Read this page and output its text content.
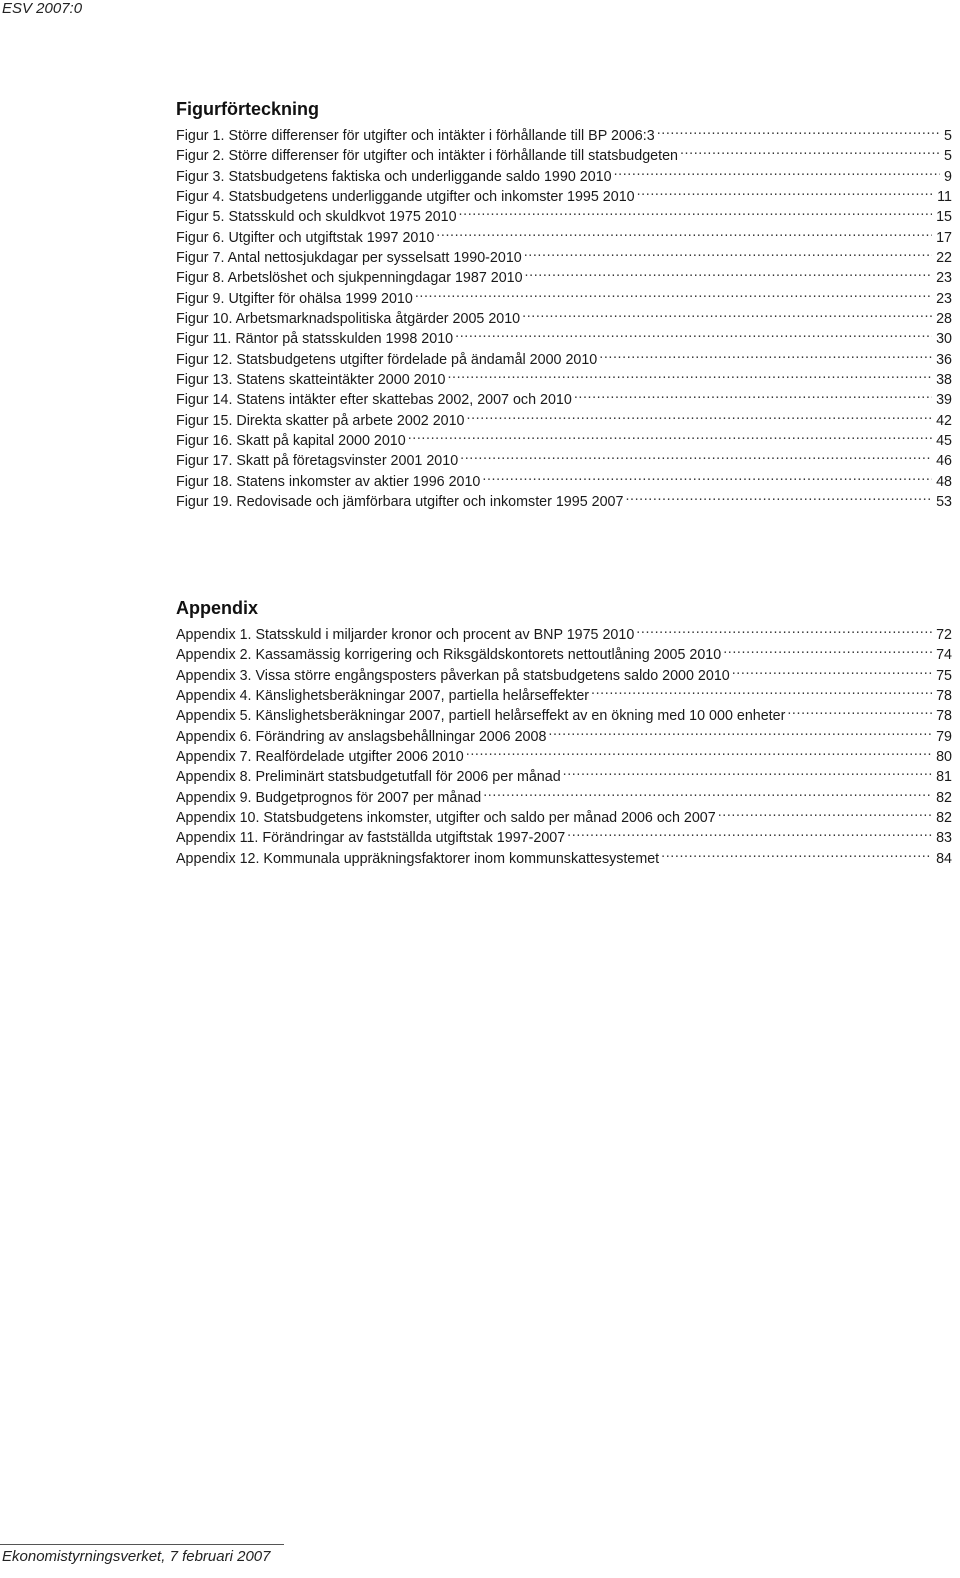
ESV 2007:0
Figurförteckning
Figur 1. Större differenser för utgifter och intäkter i förhållande till BP 2006:3 .....	5
Figur 2. Större differenser för utgifter och intäkter i förhållande till statsbudgeten .....	5
Figur 3. Statsbudgetens faktiska och underliggande saldo 1990 2010 .....	9
Figur 4. Statsbudgetens underliggande utgifter och inkomster 1995 2010 .....	11
Figur 5. Statsskuld och skuldkvot 1975 2010 .....	15
Figur 6. Utgifter och utgiftstak 1997 2010 .....	17
Figur 7. Antal nettosjukdagar per sysselsatt 1990-2010 .....	22
Figur 8. Arbetslöshet och sjukpenningdagar 1987 2010 .....	23
Figur 9. Utgifter för ohälsa 1999 2010 .....	23
Figur 10. Arbetsmarknadspolitiska åtgärder 2005 2010 .....	28
Figur 11. Räntor på statsskulden 1998 2010 .....	30
Figur 12. Statsbudgetens utgifter fördelade på ändamål 2000 2010 .....	36
Figur 13. Statens skatteintäkter 2000 2010 .....	38
Figur 14. Statens intäkter efter skattebas 2002, 2007 och 2010 .....	39
Figur 15. Direkta skatter på arbete 2002 2010 .....	42
Figur 16. Skatt på kapital 2000 2010 .....	45
Figur 17. Skatt på företagsvinster 2001 2010 .....	46
Figur 18. Statens inkomster av aktier 1996 2010 .....	48
Figur 19. Redovisade och jämförbara utgifter och inkomster 1995 2007 .....	53
Appendix
Appendix 1. Statsskuld i miljarder kronor och procent av BNP 1975 2010 .....	72
Appendix 2. Kassamässig korrigering och Riksgäldskontorets nettoutlåning 2005 2010 .....	74
Appendix 3. Vissa större engångsposters påverkan på statsbudgetens saldo 2000 2010 .....	75
Appendix 4. Känslighetsberäkningar 2007, partiella helårseffekter .....	78
Appendix 5. Känslighetsberäkningar 2007, partiell helårseffekt av en ökning med 10 000 enheter .....	78
Appendix 6. Förändring av anslagsbehållningar 2006 2008 .....	79
Appendix 7. Realfördelade utgifter 2006 2010 .....	80
Appendix 8. Preliminärt statsbudgetutfall för 2006 per månad .....	81
Appendix 9. Budgetprognos för 2007 per månad .....	82
Appendix 10. Statsbudgetens inkomster, utgifter och saldo per månad 2006 och 2007 .....	82
Appendix 11. Förändringar av fastställda utgiftstak 1997-2007 .....	83
Appendix 12. Kommunala uppräkningsfaktorer inom kommunskattesystemet .....	84
Ekonomistyrningsverket, 7 februari 2007
